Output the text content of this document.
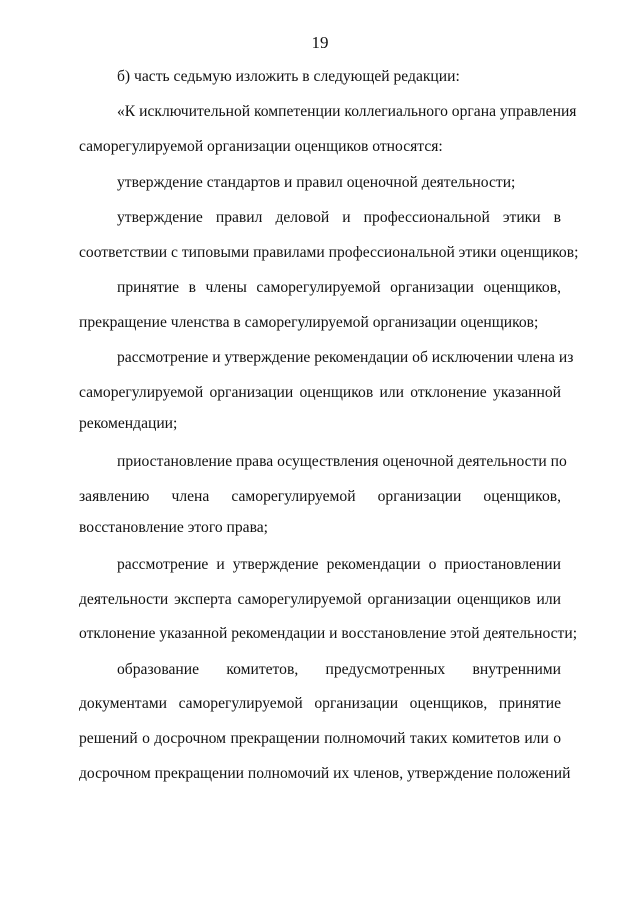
19

б) часть седьмую изложить в следующей редакции:

«К исключительной компетенции коллегиального органа управления

саморегулируемой организации оценщиков относятся:

утверждение стандартов и правил оценочной деятельности;

утверждение правил деловой и профессиональной этики в

соответствии с типовыми правилами профессиональной этики оценщиков;

принятие в члены саморегулируемой организации оценщиков,

прекращение членства в саморегулируемой организации оценщиков;

рассмотрение и утверждение рекомендации об исключении члена из

саморегулируемой организации оценщиков или отклонение указанной

рекомендации;

приостановление права осуществления оценочной деятельности по

заявлению члена саморегулируемой организации оценщиков,

восстановление этого права;

рассмотрение и утверждение рекомендации о приостановлении

деятельности эксперта саморегулируемой организации оценщиков или

отклонение указанной рекомендации и восстановление этой деятельности;

образование комитетов, предусмотренных внутренними

документами саморегулируемой организации оценщиков, принятие

решений о досрочном прекращении полномочий таких комитетов или о

досрочном прекращении полномочий их членов, утверждение положений
